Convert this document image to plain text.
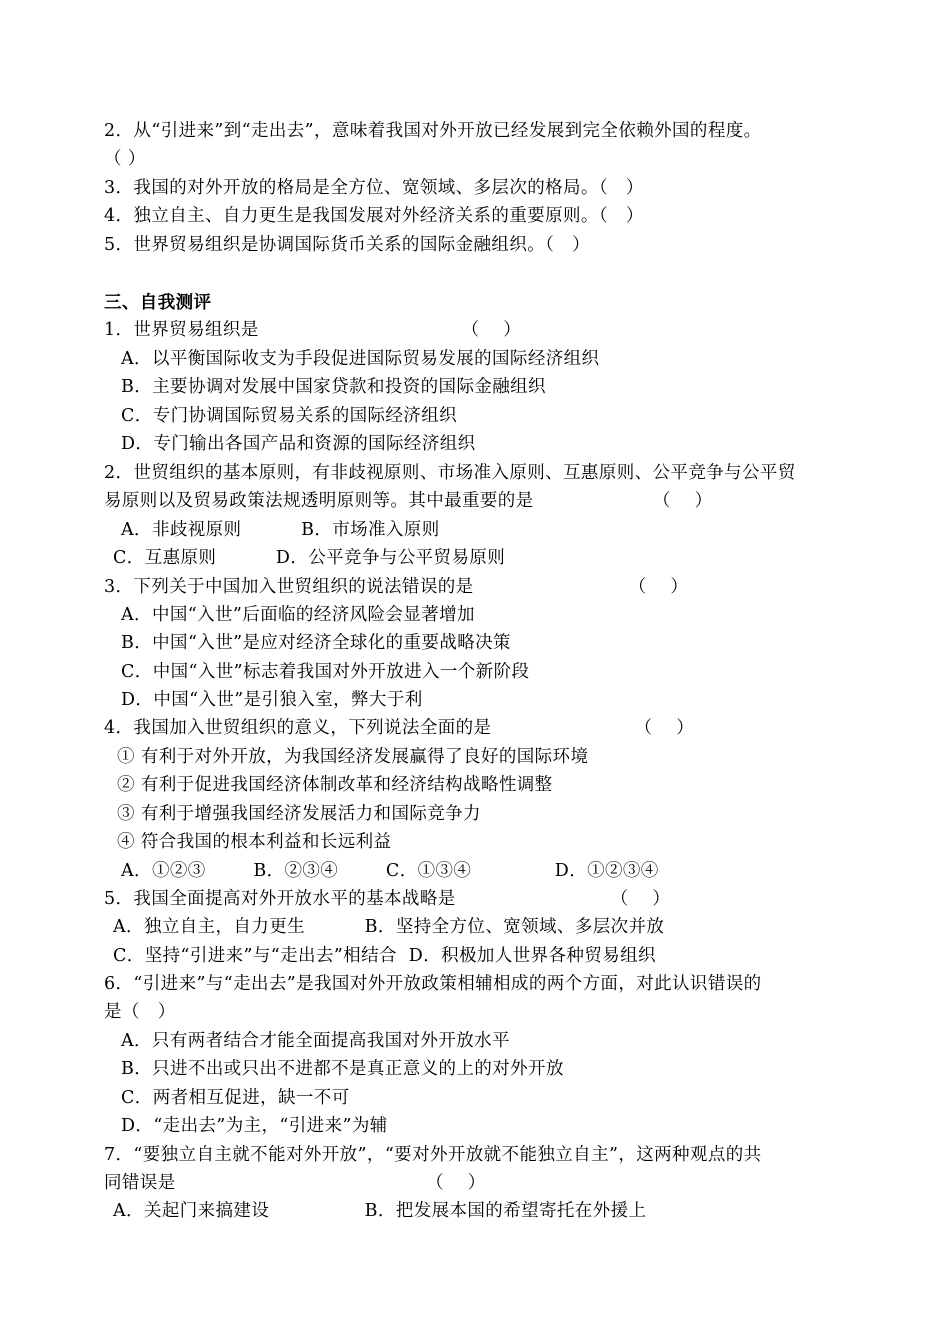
2．从“引进来”到“走出去”，意味着我国对外开放已经发展到完全依赖外国的程度。
（ ）
3．我国的对外开放的格局是全方位、宽领域、多层次的格局。（   ）
4．独立自主、自力更生是我国发展对外经济关系的重要原则。（   ）
5．世界贸易组织是协调国际货币关系的国际金融组织。（   ）
三、自我测评
1．世界贸易组织是                                  （    ）
A．以平衡国际收支为手段促进国际贸易发展的国际经济组织
B．主要协调对发展中国家贷款和投资的国际金融组织
C．专门协调国际贸易关系的国际经济组织
D．专门输出各国产品和资源的国际经济组织
2．世贸组织的基本原则，有非歧视原则、市场准入原则、互惠原则、公平竞争与公平贸
易原则以及贸易政策法规透明原则等。其中最重要的是                    （    ）
A．非歧视原则          B．市场准入原则
C．互惠原则          D．公平竞争与公平贸易原则
3．下列关于中国加入世贸组织的说法错误的是                          （    ）
A．中国“入世”后面临的经济风险会显著增加
B．中国“入世”是应对经济全球化的重要战略决策
C．中国“入世”标志着我国对外开放进入一个新阶段
D．中国“入世”是引狼入室，弊大于利
4．我国加入世贸组织的意义，下列说法全面的是                        （    ）
① 有利于对外开放，为我国经济发展赢得了良好的国际环境
② 有利于促进我国经济体制改革和经济结构战略性调整
③ 有利于增强我国经济发展活力和国际竞争力
④ 符合我国的根本利益和长远利益
A．①②③        B．②③④        C．①③④              D．①②③④
5．我国全面提高对外开放水平的基本战略是                          （    ）
A．独立自主，自力更生          B．坚持全方位、宽领域、多层次并放
C．坚持“引进来”与“走出去”相结合  D．积极加人世界各种贸易组织
6．“引进来”与“走出去”是我国对外开放政策相辅相成的两个方面，对此认识错误的
是（   ）
A．只有两者结合才能全面提高我国对外开放水平
B．只进不出或只出不进都不是真正意义的上的对外开放
C．两者相互促进，缺一不可
D．“走出去”为主，“引进来”为辅
7．“要独立自主就不能对外开放”，“要对外开放就不能独立自主”，这两种观点的共
同错误是                                          （    ）
A．关起门来搞建设                B．把发展本国的希望寄托在外援上
